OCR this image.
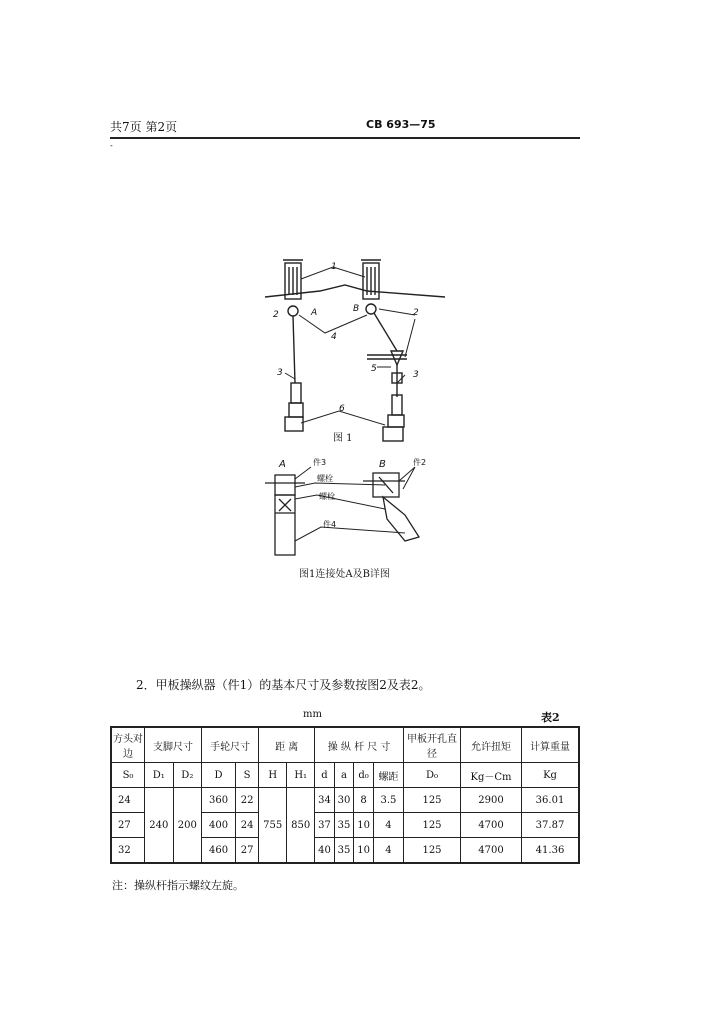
共7页 第2页	CB 693—75
-
1
2	A	B
4
2
3	5
3
6
图 1
A	B
件3
螺栓
螺栓
件4
件2
图1连接处A及B详图
2．甲板操纵器（件1）的基本尺寸及参数按图2及表2。
mm	表2
方头对边	支脚尺寸		手轮尺寸		距 离		操 纵 杆 尺 寸				甲板开孔直 径	允许扭矩	计算重量
S₀	D₁	D₂	D	S	H	H₁	d	a	d₀	螺距	D₀	Kg－Cm	Kg
24	240	200	360	22	755	850	34	30	8	3.5	125	2900	36.01
27			400	24			37	35	10	4	125	4700	37.87
32			460	27			40	35	10	4	125	4700	41.36
注：操纵杆指示螺纹左旋。
